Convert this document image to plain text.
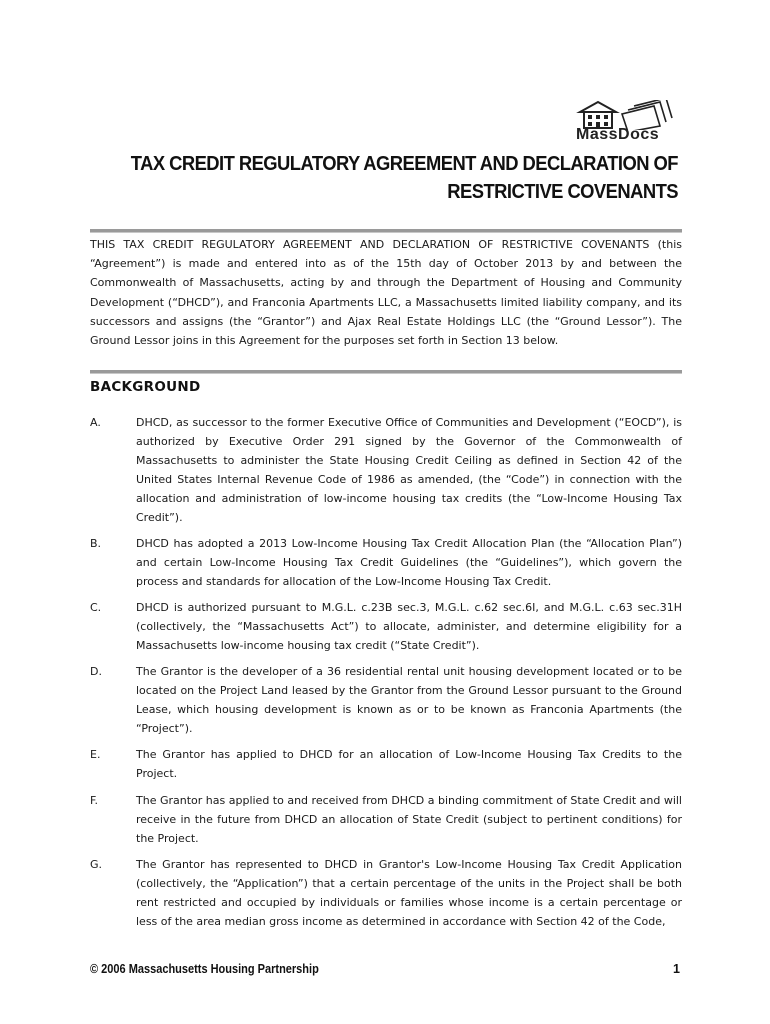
MassDocs
TAX CREDIT REGULATORY AGREEMENT AND DECLARATION OF
RESTRICTIVE COVENANTS
THIS TAX CREDIT REGULATORY AGREEMENT AND DECLARATION OF RESTRICTIVE COVENANTS (this “Agreement”) is made and entered into as of the 15th day of October 2013 by and between the Commonwealth of Massachusetts, acting by and through the Department of Housing and Community Development (“DHCD”), and Franconia Apartments LLC, a Massachusetts limited liability company, and its successors and assigns (the “Grantor”) and Ajax Real Estate Holdings LLC (the “Ground Lessor”). The Ground Lessor joins in this Agreement for the purposes set forth in Section 13 below.
BACKGROUND
A.	DHCD, as successor to the former Executive Office of Communities and Development (“EOCD”), is authorized by Executive Order 291 signed by the Governor of the Commonwealth of Massachusetts to administer the State Housing Credit Ceiling as defined in Section 42 of the United States Internal Revenue Code of 1986 as amended, (the “Code”) in connection with the allocation and administration of low-income housing tax credits (the “Low-Income Housing Tax Credit”).
B.	DHCD has adopted a 2013 Low-Income Housing Tax Credit Allocation Plan (the “Allocation Plan”) and certain Low-Income Housing Tax Credit Guidelines (the “Guidelines”), which govern the process and standards for allocation of the Low-Income Housing Tax Credit.
C.	DHCD is authorized pursuant to M.G.L. c.23B sec.3, M.G.L. c.62 sec.6I, and M.G.L. c.63 sec.31H (collectively, the “Massachusetts Act”) to allocate, administer, and determine eligibility for a Massachusetts low-income housing tax credit (“State Credit”).
D.	The Grantor is the developer of a 36 residential rental unit housing development located or to be located on the Project Land leased by the Grantor from the Ground Lessor pursuant to the Ground Lease, which housing development is known as or to be known as Franconia Apartments (the “Project”).
E.	The Grantor has applied to DHCD for an allocation of Low-Income Housing Tax Credits to the Project.
F.	The Grantor has applied to and received from DHCD a binding commitment of State Credit and will receive in the future from DHCD an allocation of State Credit (subject to pertinent conditions) for the Project.
G.	The Grantor has represented to DHCD in Grantor's Low-Income Housing Tax Credit Application (collectively, the “Application”) that a certain percentage of the units in the Project shall be both rent restricted and occupied by individuals or families whose income is a certain percentage or less of the area median gross income as determined in accordance with Section 42 of the Code,
© 2006 Massachusetts Housing Partnership	1
